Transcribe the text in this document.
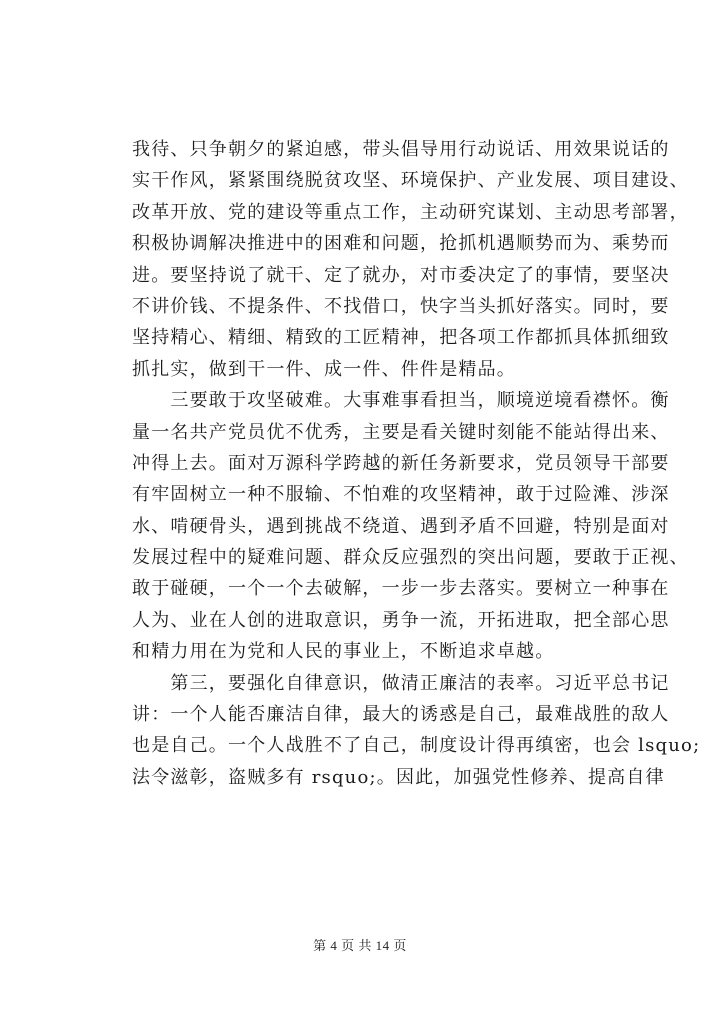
我待、只争朝夕的紧迫感，带头倡导用行动说话、用效果说话的
实干作风，紧紧围绕脱贫攻坚、环境保护、产业发展、项目建设、
改革开放、党的建设等重点工作，主动研究谋划、主动思考部署，
积极协调解决推进中的困难和问题，抢抓机遇顺势而为、乘势而
进。要坚持说了就干、定了就办，对市委决定了的事情，要坚决
不讲价钱、不提条件、不找借口，快字当头抓好落实。同时，要
坚持精心、精细、精致的工匠精神，把各项工作都抓具体抓细致
抓扎实，做到干一件、成一件、件件是精品。
　　三要敢于攻坚破难。大事难事看担当，顺境逆境看襟怀。衡
量一名共产党员优不优秀，主要是看关键时刻能不能站得出来、
冲得上去。面对万源科学跨越的新任务新要求，党员领导干部要
有牢固树立一种不服输、不怕难的攻坚精神，敢于过险滩、涉深
水、啃硬骨头，遇到挑战不绕道、遇到矛盾不回避，特别是面对
发展过程中的疑难问题、群众反应强烈的突出问题，要敢于正视、
敢于碰硬，一个一个去破解，一步一步去落实。要树立一种事在
人为、业在人创的进取意识，勇争一流，开拓进取，把全部心思
和精力用在为党和人民的事业上，不断追求卓越。
　　第三，要强化自律意识，做清正廉洁的表率。习近平总书记
讲：一个人能否廉洁自律，最大的诱惑是自己，最难战胜的敌人
也是自己。一个人战胜不了自己，制度设计得再缜密，也会 lsquo;
法令滋彰，盗贼多有 rsquo;。因此，加强党性修养、提高自律
第 4 页 共 14 页
